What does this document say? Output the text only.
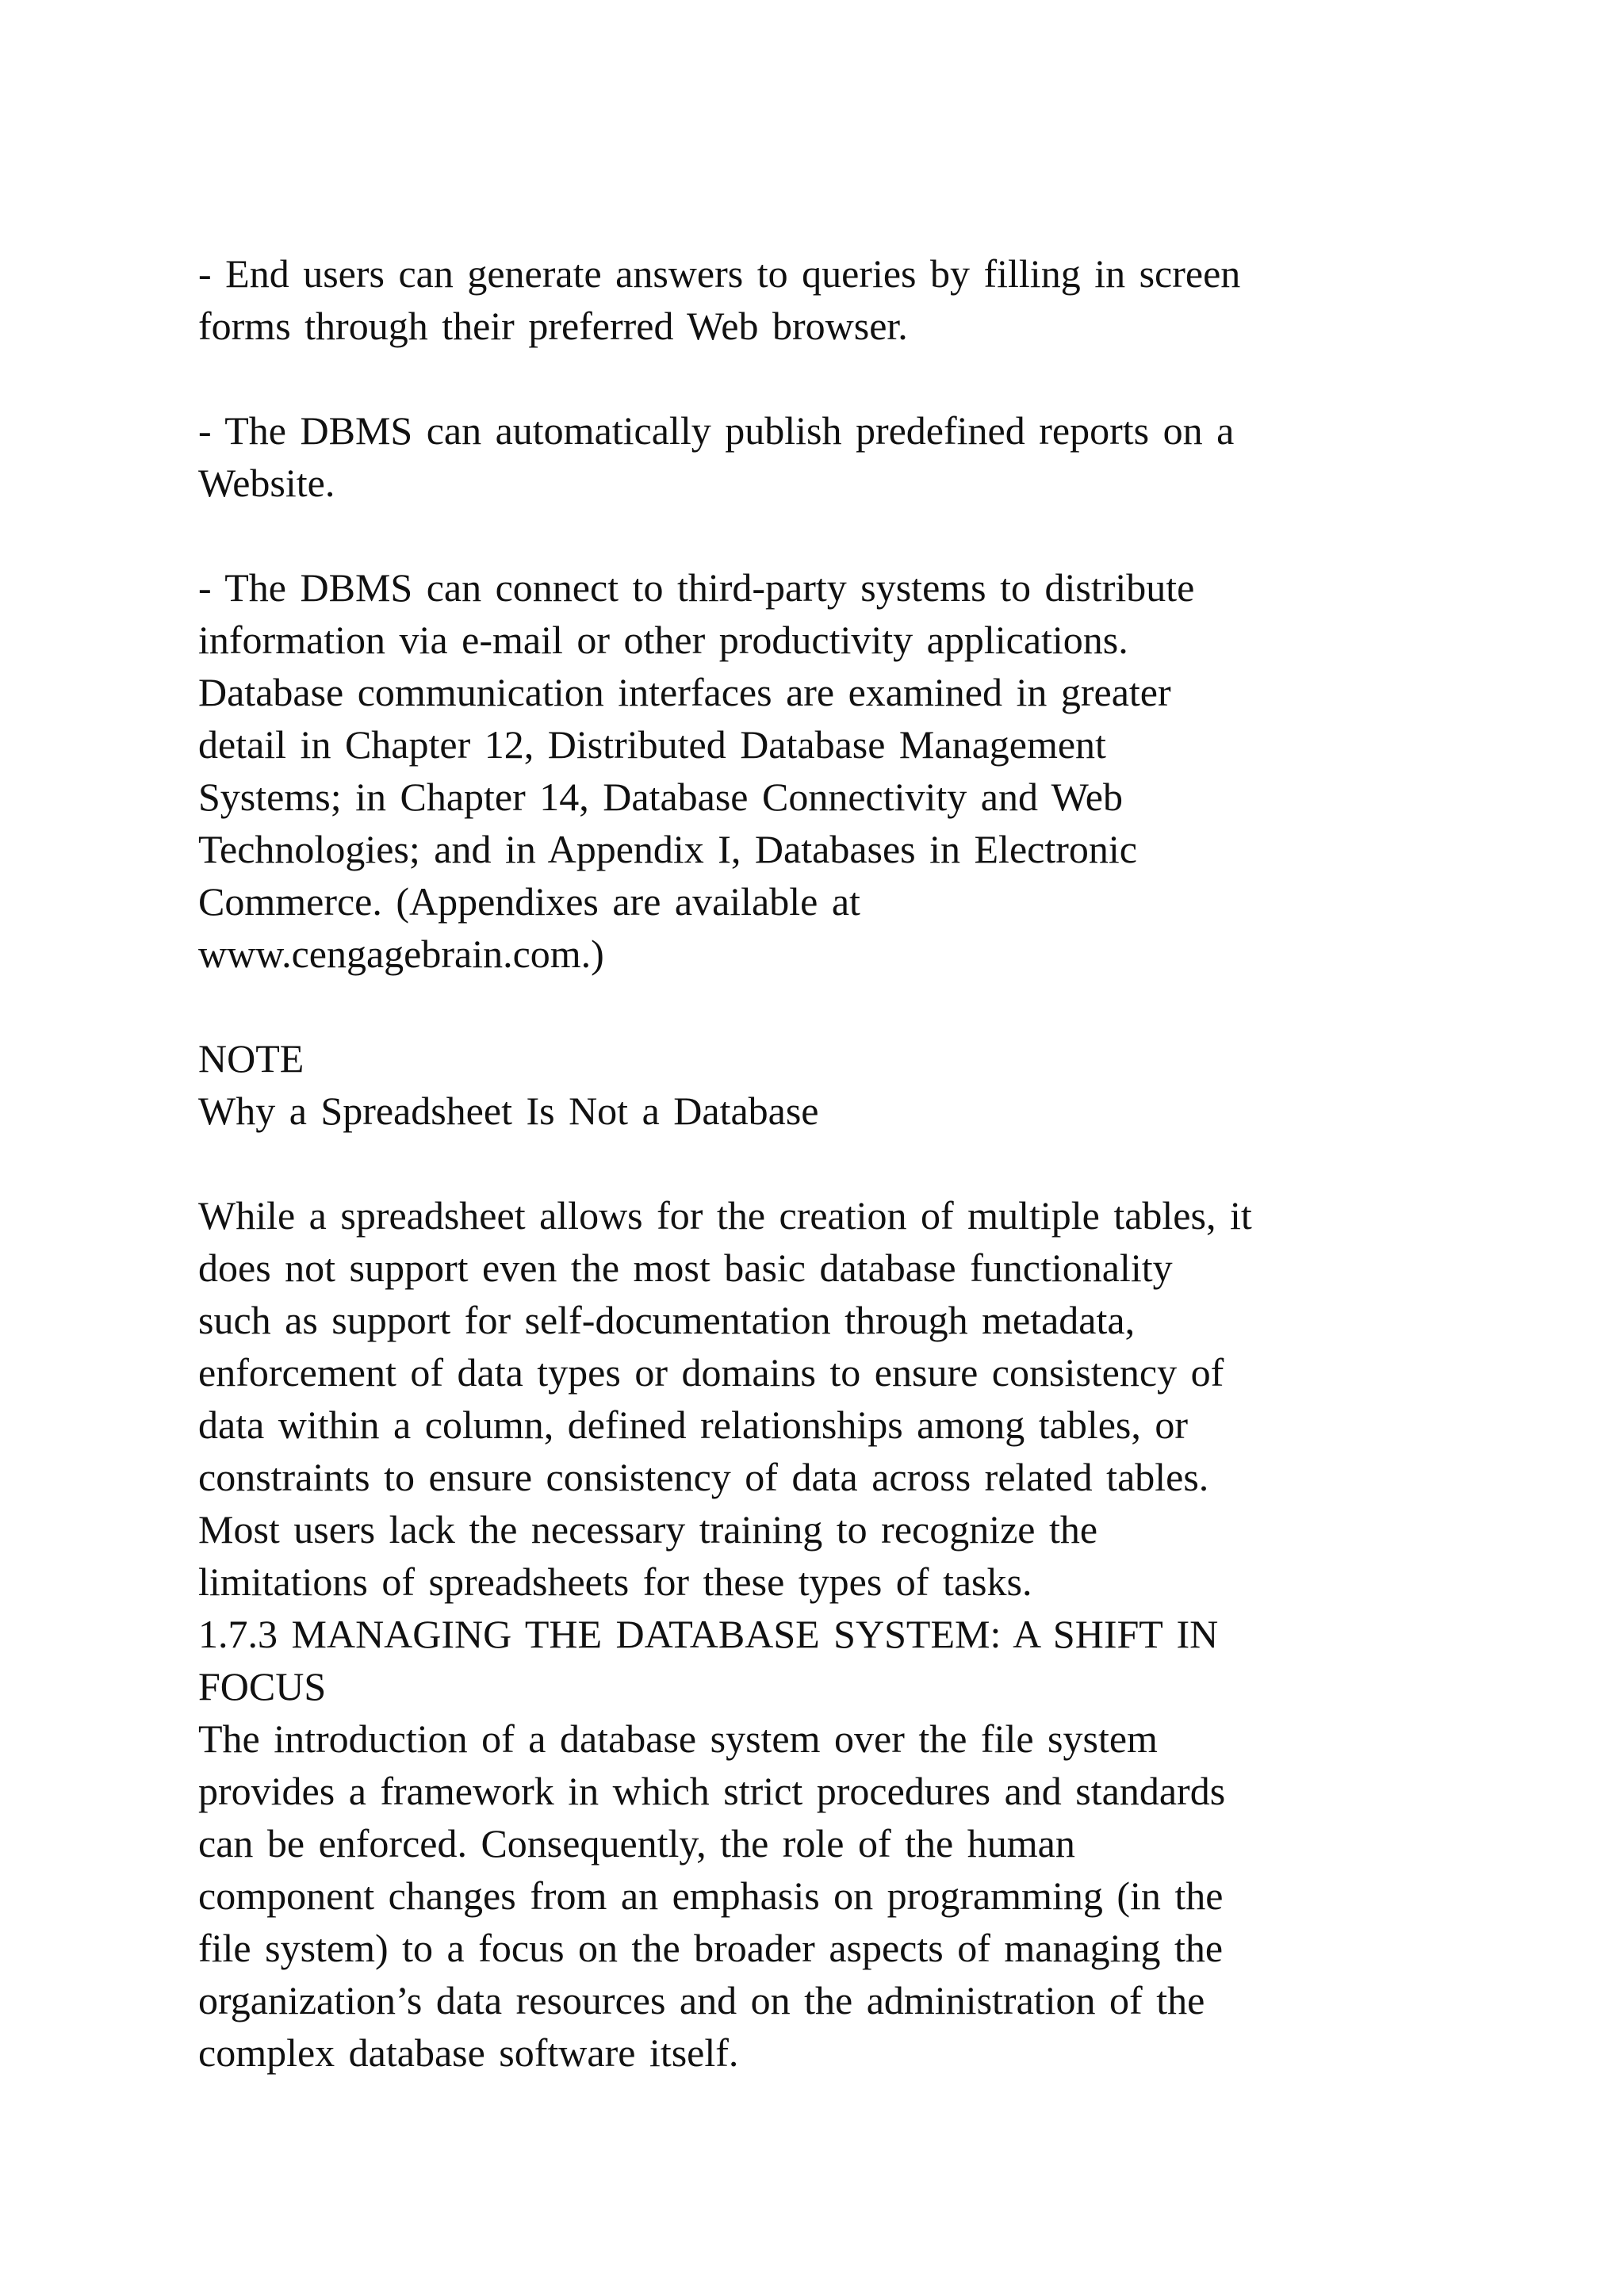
- End users can generate answers to queries by filling in screen
forms through their preferred Web browser.
- The DBMS can automatically publish predefined reports on a
Website.
- The DBMS can connect to third-party systems to distribute
information via e-mail or other productivity applications.
Database communication interfaces are examined in greater
detail in Chapter 12, Distributed Database Management
Systems; in Chapter 14, Database Connectivity and Web
Technologies; and in Appendix I, Databases in Electronic
Commerce. (Appendixes are available at
www.cengagebrain.com.)
NOTE
Why a Spreadsheet Is Not a Database
While a spreadsheet allows for the creation of multiple tables, it
does not support even the most basic database functionality
such as support for self-documentation through metadata,
enforcement of data types or domains to ensure consistency of
data within a column, defined relationships among tables, or
constraints to ensure consistency of data across related tables.
Most users lack the necessary training to recognize the
limitations of spreadsheets for these types of tasks.
1.7.3 MANAGING THE DATABASE SYSTEM: A SHIFT IN
FOCUS
The introduction of a database system over the file system
provides a framework in which strict procedures and standards
can be enforced. Consequently, the role of the human
component changes from an emphasis on programming (in the
file system) to a focus on the broader aspects of managing the
organization’s data resources and on the administration of the
complex database software itself.
